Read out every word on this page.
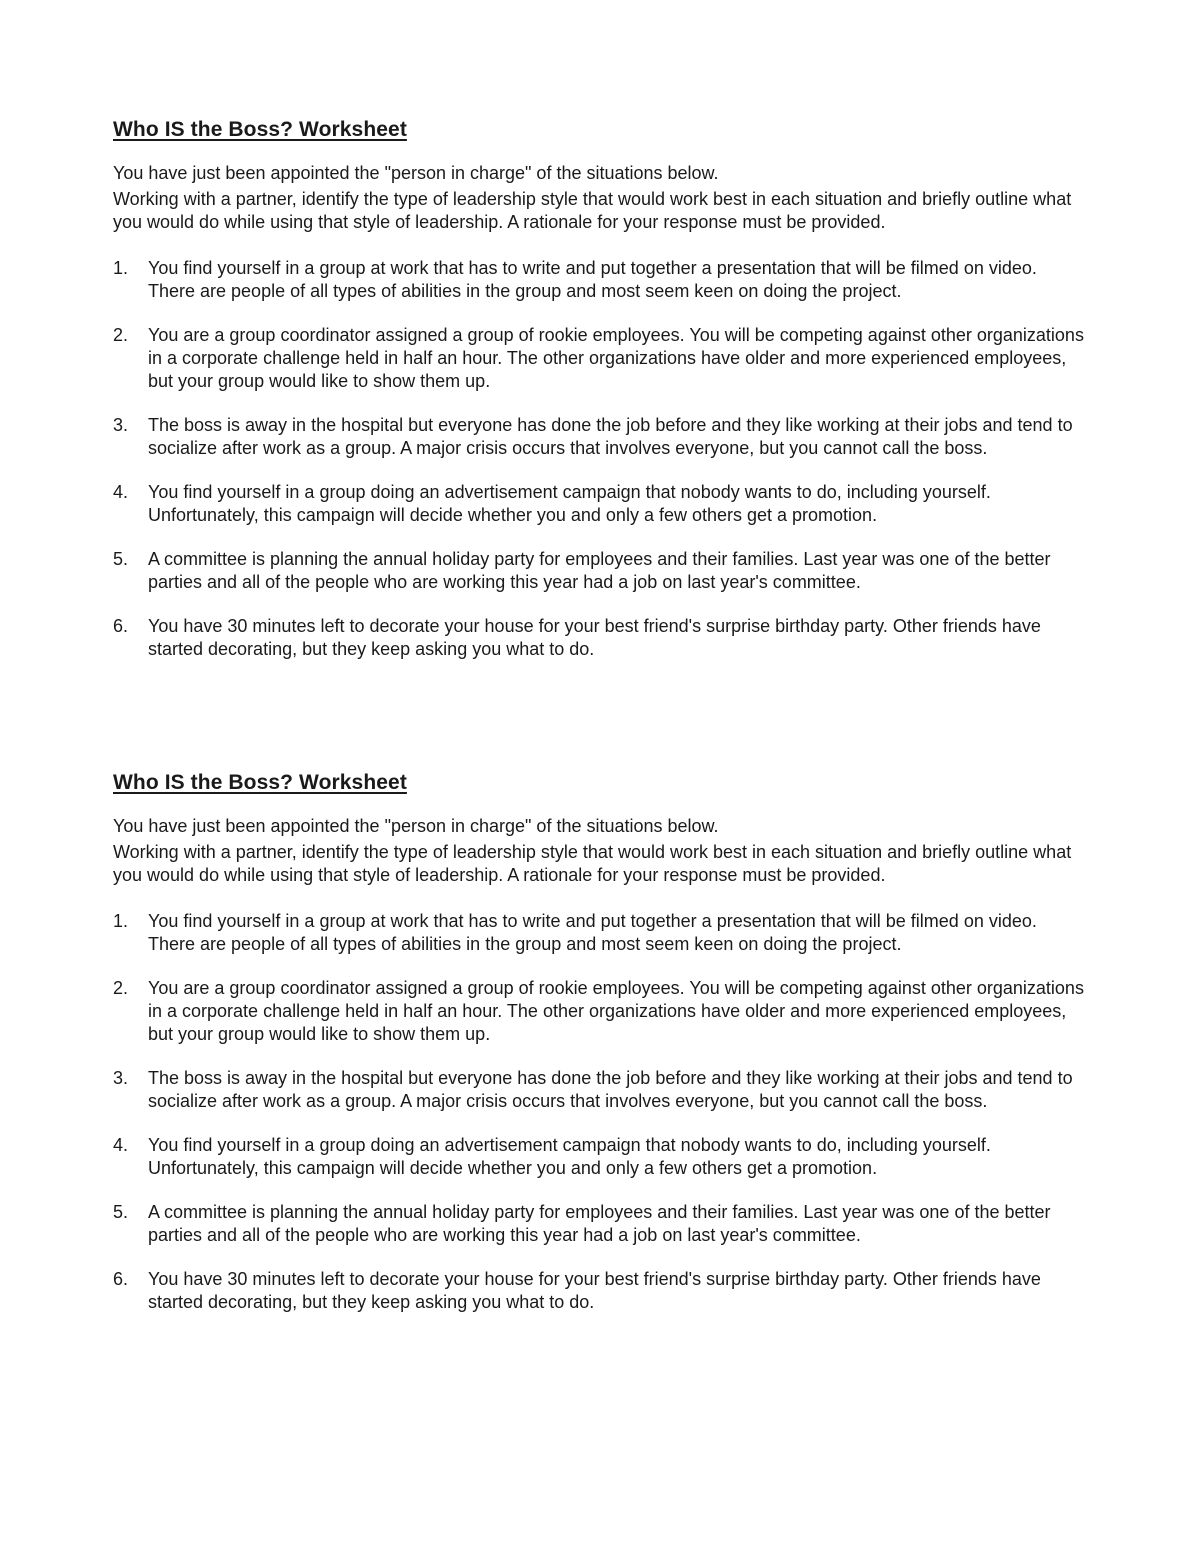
Who IS the Boss? Worksheet

You have just been appointed the "person in charge" of the situations below.

Working with a partner, identify the type of leadership style that would work best in each situation and briefly outline what you would do while using that style of leadership. A rationale for your response must be provided.

1.	You find yourself in a group at work that has to write and put together a presentation that will be filmed on video. There are people of all types of abilities in the group and most seem keen on doing the project.
2.	You are a group coordinator assigned a group of rookie employees. You will be competing against other organizations in a corporate challenge held in half an hour. The other organizations have older and more experienced employees, but your group would like to show them up.
3.	The boss is away in the hospital but everyone has done the job before and they like working at their jobs and tend to socialize after work as a group. A major crisis occurs that involves everyone, but you cannot call the boss.
4.	You find yourself in a group doing an advertisement campaign that nobody wants to do, including yourself. Unfortunately, this campaign will decide whether you and only a few others get a promotion.
5.	A committee is planning the annual holiday party for employees and their families. Last year was one of the better parties and all of the people who are working this year had a job on last year's committee.
6.	You have 30 minutes left to decorate your house for your best friend's surprise birthday party. Other friends have started decorating, but they keep asking you what to do.
Who IS the Boss? Worksheet

You have just been appointed the "person in charge" of the situations below.

Working with a partner, identify the type of leadership style that would work best in each situation and briefly outline what you would do while using that style of leadership. A rationale for your response must be provided.

1.	You find yourself in a group at work that has to write and put together a presentation that will be filmed on video. There are people of all types of abilities in the group and most seem keen on doing the project.
2.	You are a group coordinator assigned a group of rookie employees. You will be competing against other organizations in a corporate challenge held in half an hour. The other organizations have older and more experienced employees, but your group would like to show them up.
3.	The boss is away in the hospital but everyone has done the job before and they like working at their jobs and tend to socialize after work as a group. A major crisis occurs that involves everyone, but you cannot call the boss.
4.	You find yourself in a group doing an advertisement campaign that nobody wants to do, including yourself. Unfortunately, this campaign will decide whether you and only a few others get a promotion.
5.	A committee is planning the annual holiday party for employees and their families. Last year was one of the better parties and all of the people who are working this year had a job on last year's committee.
6.	You have 30 minutes left to decorate your house for your best friend's surprise birthday party. Other friends have started decorating, but they keep asking you what to do.
